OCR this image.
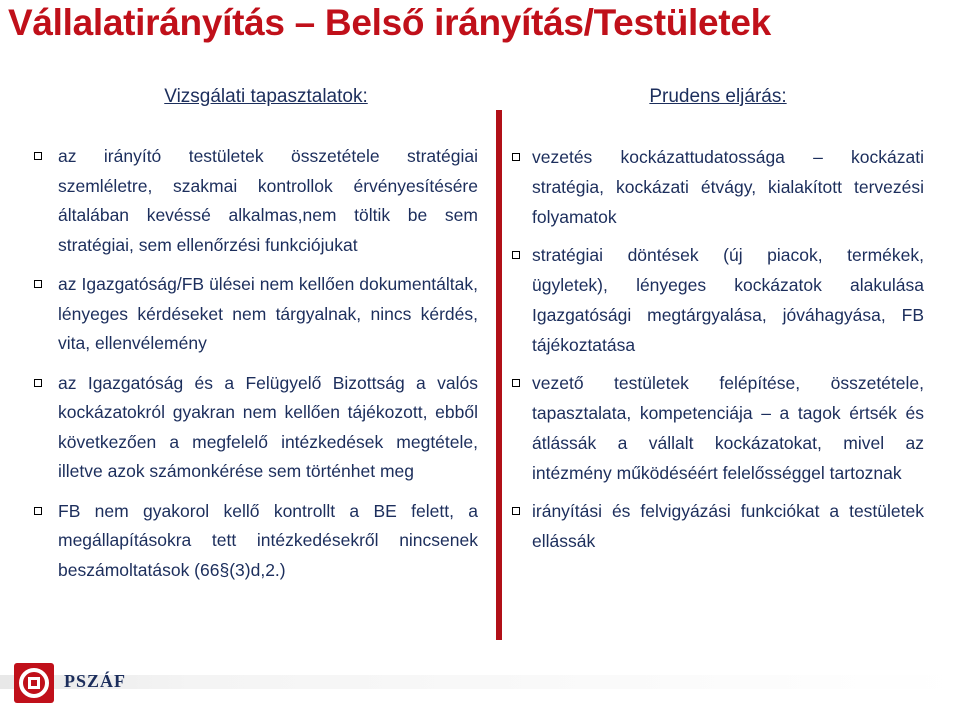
Vállalatirányítás – Belső irányítás/Testületek
Vizsgálati tapasztalatok:
az irányító testületek összetétele stratégiai szemléletre, szakmai kontrollok érvényesítésére általában kevéssé alkalmas,nem töltik be sem stratégiai, sem ellenőrzési funkciójukat
az Igazgatóság/FB ülései nem kellően dokumentáltak, lényeges kérdéseket nem tárgyalnak, nincs kérdés, vita, ellenvélemény
az Igazgatóság és a Felügyelő Bizottság a valós kockázatokról gyakran nem kellően tájékozott, ebből következően a megfelelő intézkedések megtétele, illetve azok számonkérése sem történhet meg
FB nem gyakorol kellő kontrollt a BE felett, a megállapításokra tett intézkedésekről nincsenek beszámoltatások (66§(3)d,2.)
Prudens eljárás:
vezetés kockázattudatossága – kockázati stratégia, kockázati étvágy, kialakított tervezési folyamatok
stratégiai döntések (új piacok, termékek, ügyletek), lényeges kockázatok alakulása Igazgatósági megtárgyalása, jóváhagyása, FB tájékoztatása
vezető testületek felépítése, összetétele, tapasztalata, kompetenciája – a tagok értsék és átlássák a vállalt kockázatokat, mivel az intézmény működéséért felelősséggel tartoznak
irányítási és felvigyázási funkciókat a testületek ellássák
PSZÁF
